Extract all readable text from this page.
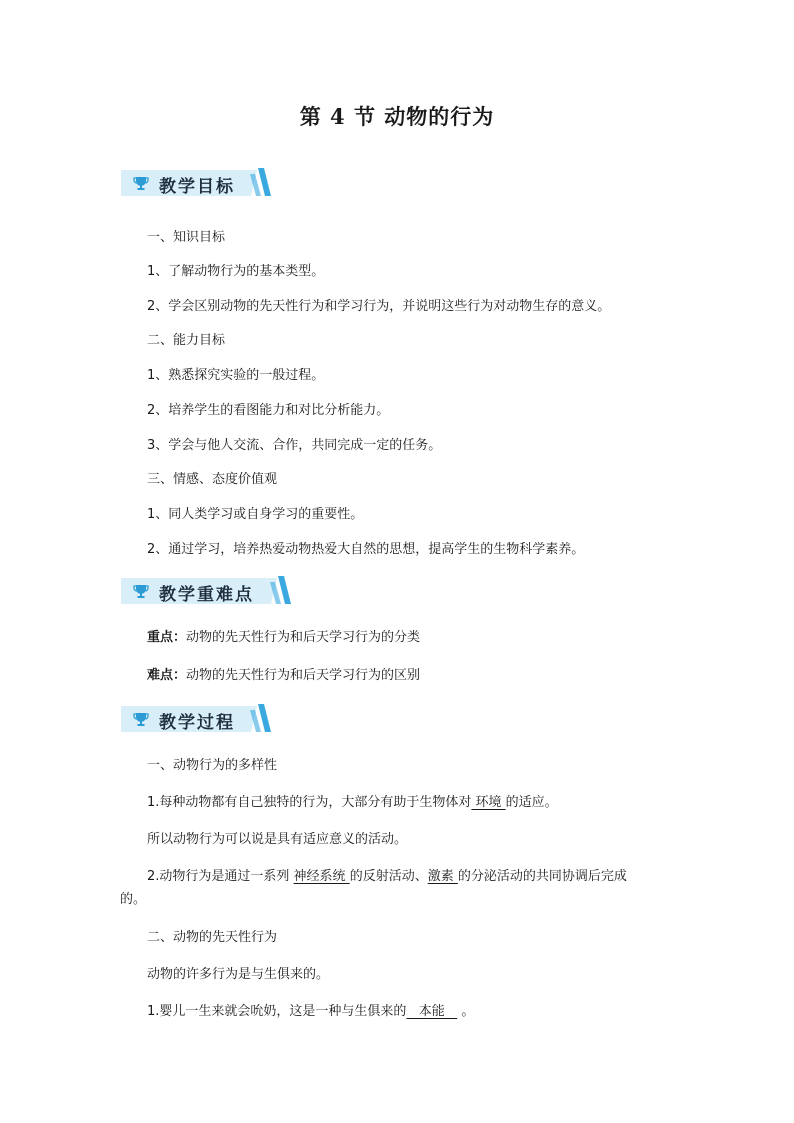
第 4 节 动物的行为
教学目标
一、知识目标
1、了解动物行为的基本类型。
2、学会区别动物的先天性行为和学习行为，并说明这些行为对动物生存的意义。
二、能力目标
1、熟悉探究实验的一般过程。
2、培养学生的看图能力和对比分析能力。
3、学会与他人交流、合作，共同完成一定的任务。
三、情感、态度价值观
1、同人类学习或自身学习的重要性。
2、通过学习，培养热爱动物热爱大自然的思想，提高学生的生物科学素养。
教学重难点
重点：动物的先天性行为和后天学习行为的分类
难点：动物的先天性行为和后天学习行为的区别
教学过程
一、动物行为的多样性
1.每种动物都有自己独特的行为，大部分有助于生物体对 环境 的适应。
所以动物行为可以说是具有适应意义的活动。
2.动物行为是通过一系列 神经系统 的反射活动、激素 的分泌活动的共同协调后完成
的。
二、动物的先天性行为
动物的许多行为是与生俱来的。
1.婴儿一生来就会吮奶，这是一种与生俱来的   本能    。
